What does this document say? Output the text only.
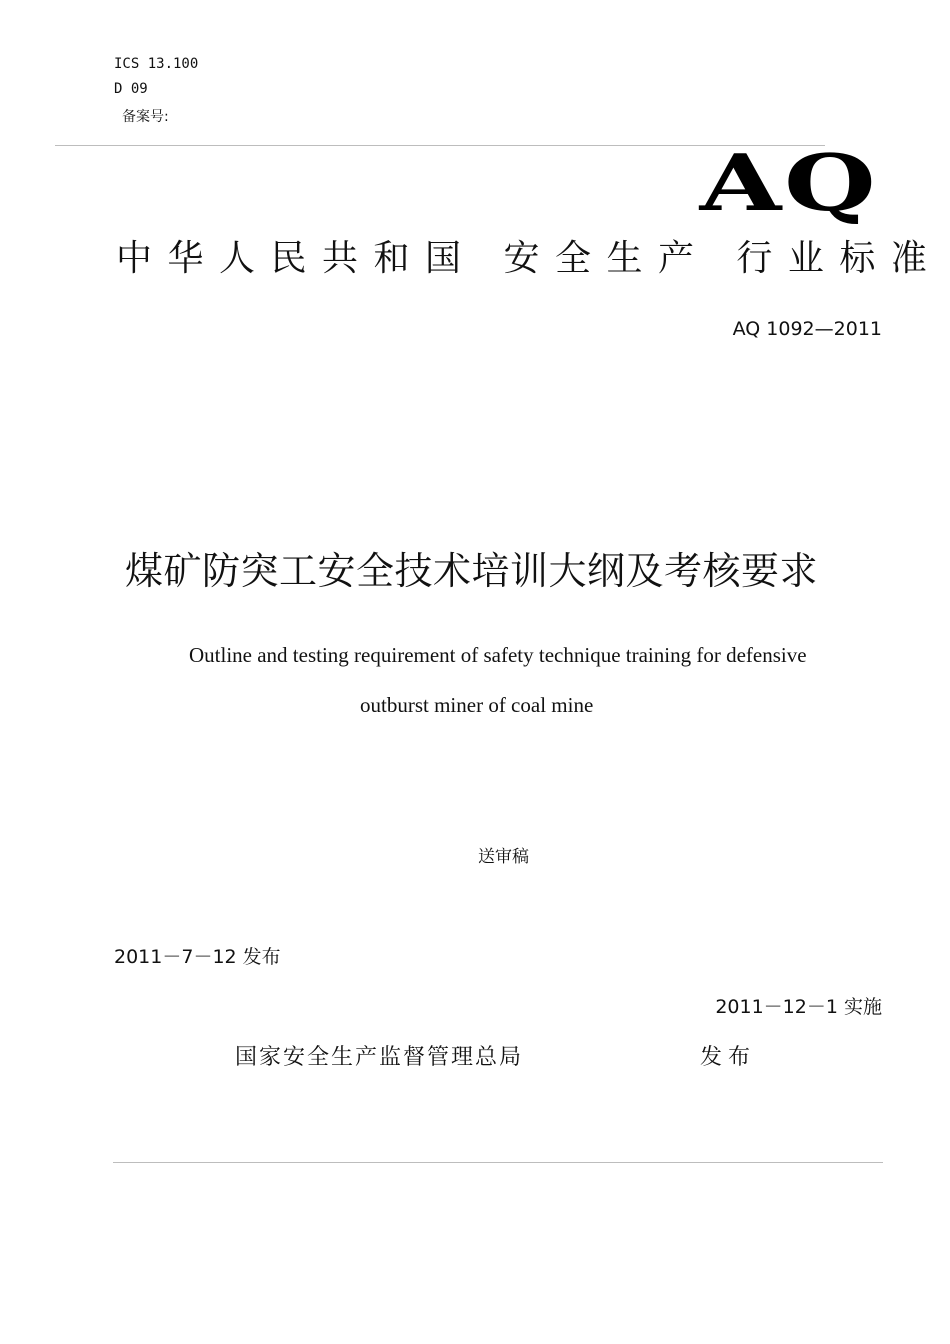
ICS 13.100
D 09
备案号:
AQ
中华人民共和国 安全生产 行业标准
AQ 1092—2011
煤矿防突工安全技术培训大纲及考核要求
Outline and testing requirement of safety technique training for defensive
outburst miner of coal mine
送审稿
2011－7－12 发布
2011－12－1 实施
国家安全生产监督管理总局	发布
